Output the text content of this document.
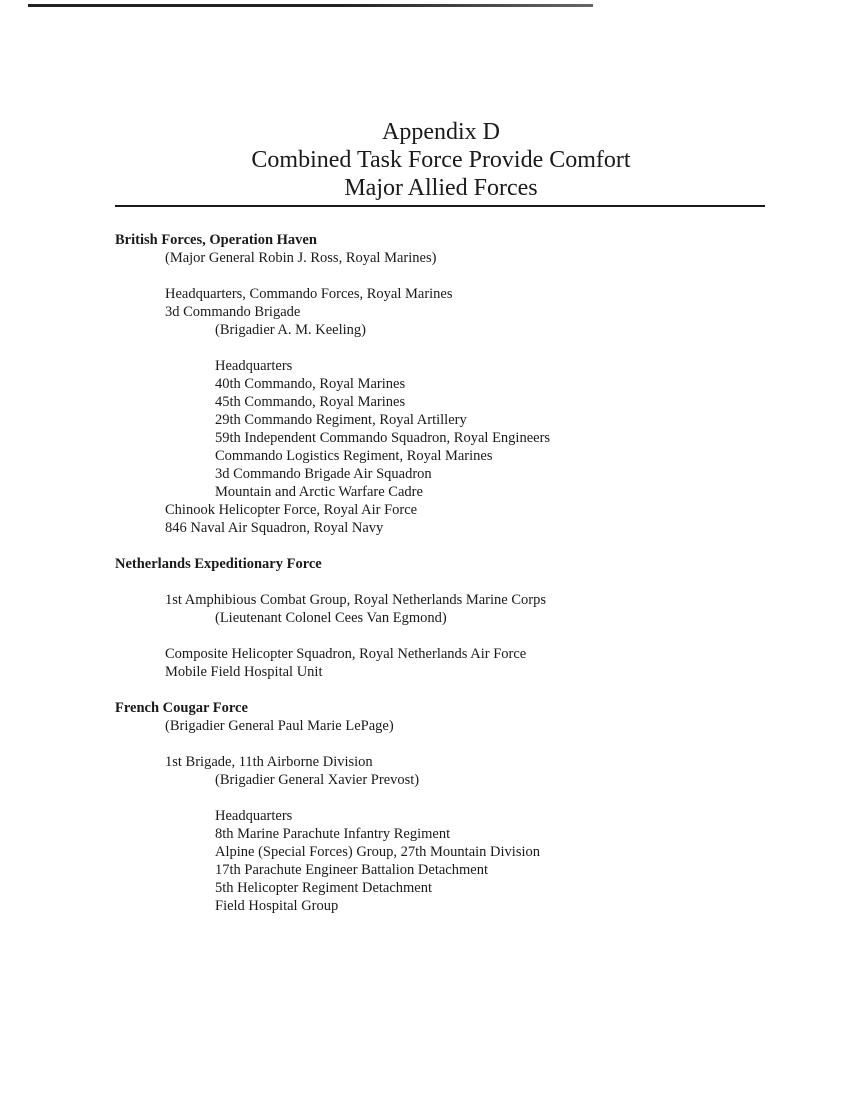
Appendix D
Combined Task Force Provide Comfort
Major Allied Forces
British Forces, Operation Haven
(Major General Robin J. Ross, Royal Marines)
Headquarters, Commando Forces, Royal Marines
3d Commando Brigade
(Brigadier A. M. Keeling)
Headquarters
40th Commando, Royal Marines
45th Commando, Royal Marines
29th Commando Regiment, Royal Artillery
59th Independent Commando Squadron, Royal Engineers
Commando Logistics Regiment, Royal Marines
3d Commando Brigade Air Squadron
Mountain and Arctic Warfare Cadre
Chinook Helicopter Force, Royal Air Force
846 Naval Air Squadron, Royal Navy
Netherlands Expeditionary Force
1st Amphibious Combat Group, Royal Netherlands Marine Corps
(Lieutenant Colonel Cees Van Egmond)
Composite Helicopter Squadron, Royal Netherlands Air Force
Mobile Field Hospital Unit
French Cougar Force
(Brigadier General Paul Marie LePage)
1st Brigade, 11th Airborne Division
(Brigadier General Xavier Prevost)
Headquarters
8th Marine Parachute Infantry Regiment
Alpine (Special Forces) Group, 27th Mountain Division
17th Parachute Engineer Battalion Detachment
5th Helicopter Regiment Detachment
Field Hospital Group
